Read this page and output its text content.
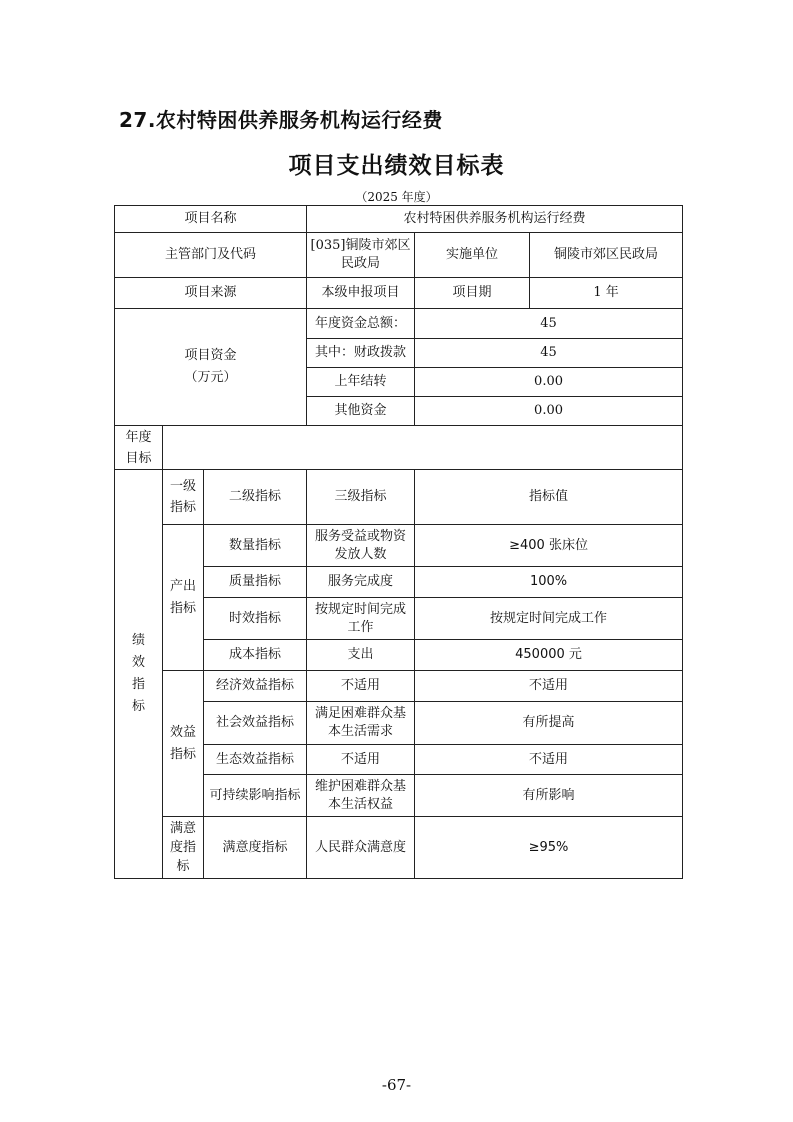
27.农村特困供养服务机构运行经费
项目支出绩效目标表
（2025 年度）
项目名称			农村特困供养服务机构运行经费		
主管部门及代码			[035]铜陵市郊区民政局	实施单位	铜陵市郊区民政局
项目来源			本级申报项目	项目期	1 年
项目资金（万元）			年度资金总额：	45	
			其中：财政拨款	45	
			上年结转	0.00	
			其他资金	0.00	
年度目标					
绩效指标	一级指标	二级指标	三级指标	指标值	
	产出指标	数量指标	服务受益或物资发放人数	≥400 张床位	
		质量指标	服务完成度	100%	
		时效指标	按规定时间完成工作	按规定时间完成工作	
		成本指标	支出	450000 元	
	效益指标	经济效益指标	不适用	不适用	
		社会效益指标	满足困难群众基本生活需求	有所提高	
		生态效益指标	不适用	不适用	
		可持续影响指标	维护困难群众基本生活权益	有所影响	
	满意度指标	满意度指标	人民群众满意度	≥95%	
-67-
